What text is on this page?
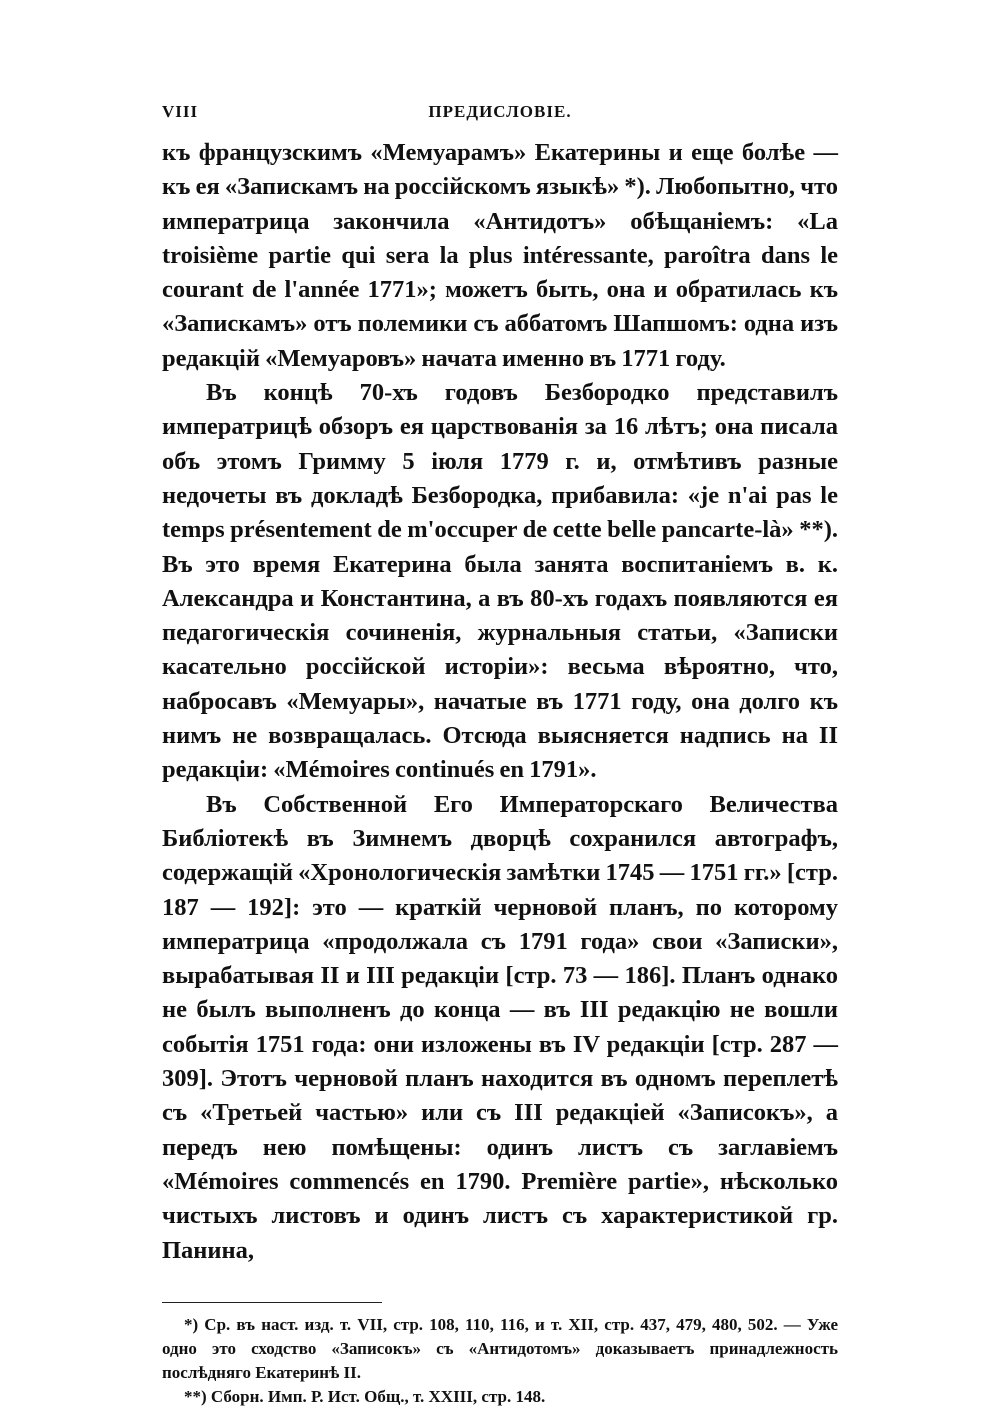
VIII	ПРЕДИСЛОВIЕ.

къ французскимъ «Мемуарамъ» Екатерины и еще болѣе — къ ея «Запискамъ на россiйскомъ языкѣ» *). Любопытно, что императрица закончила «Антидотъ» обѣщанiемъ: «La troisième partie qui sera la plus intéressante, paroîtra dans le courant de l'année 1771»; можетъ быть, она и обратилась къ «Запискамъ» отъ полемики съ аббатомъ Шапшомъ: одна изъ редакцiй «Мемуаровъ» начата именно въ 1771 году.

Въ концѣ 70-хъ годовъ Безбородко представилъ императрицѣ обзоръ ея царствованiя за 16 лѣтъ; она писала объ этомъ Гримму 5 iюля 1779 г. и, отмѣтивъ разные недочеты въ докладѣ Безбородка, прибавила: «je n'ai pas le temps présentement de m'occuper de cette belle pancarte-là» **). Въ это время Екатерина была занята воспитанiемъ в. к. Александра и Константина, а въ 80-хъ годахъ появляются ея педагогическiя сочиненiя, журнальныя статьи, «Записки касательно россiйской исторiи»: весьма вѣроятно, что, набросавъ «Мемуары», начатые въ 1771 году, она долго къ нимъ не возвращалась. Отсюда выясняется надпись на II редакцiи: «Mémoires continués en 1791».

Въ Собственной Его Императорскаго Величества Библiотекѣ въ Зимнемъ дворцѣ сохранился автографъ, содержащiй «Хронологическiя замѣтки 1745 — 1751 гг.» [стр. 187 — 192]: это — краткiй черновой планъ, по которому императрица «продолжала съ 1791 года» свои «Записки», вырабатывая II и III редакцiи [стр. 73 — 186]. Планъ однако не былъ выполненъ до конца — въ III редакцiю не вошли событiя 1751 года: они изложены въ IV редакцiи [стр. 287 — 309]. Этотъ черновой планъ находится въ одномъ переплетѣ съ «Третьей частью» или съ III редакцiей «Записокъ», а передъ нею помѣщены: одинъ листъ съ заглавiемъ «Mémoires commencés en 1790. Première partie», нѣсколько чистыхъ листовъ и одинъ листъ съ характеристикой гр. Панина,

*) Ср. въ наст. изд. т. VII, стр. 108, 110, 116, и т. XII, стр. 437, 479, 480, 502. — Уже одно это сходство «Записокъ» съ «Антидотомъ» доказываетъ принадлежность послѣдняго Екатеринѣ II.

**) Сборн. Имп. Р. Ист. Общ., т. XXIII, стр. 148.
